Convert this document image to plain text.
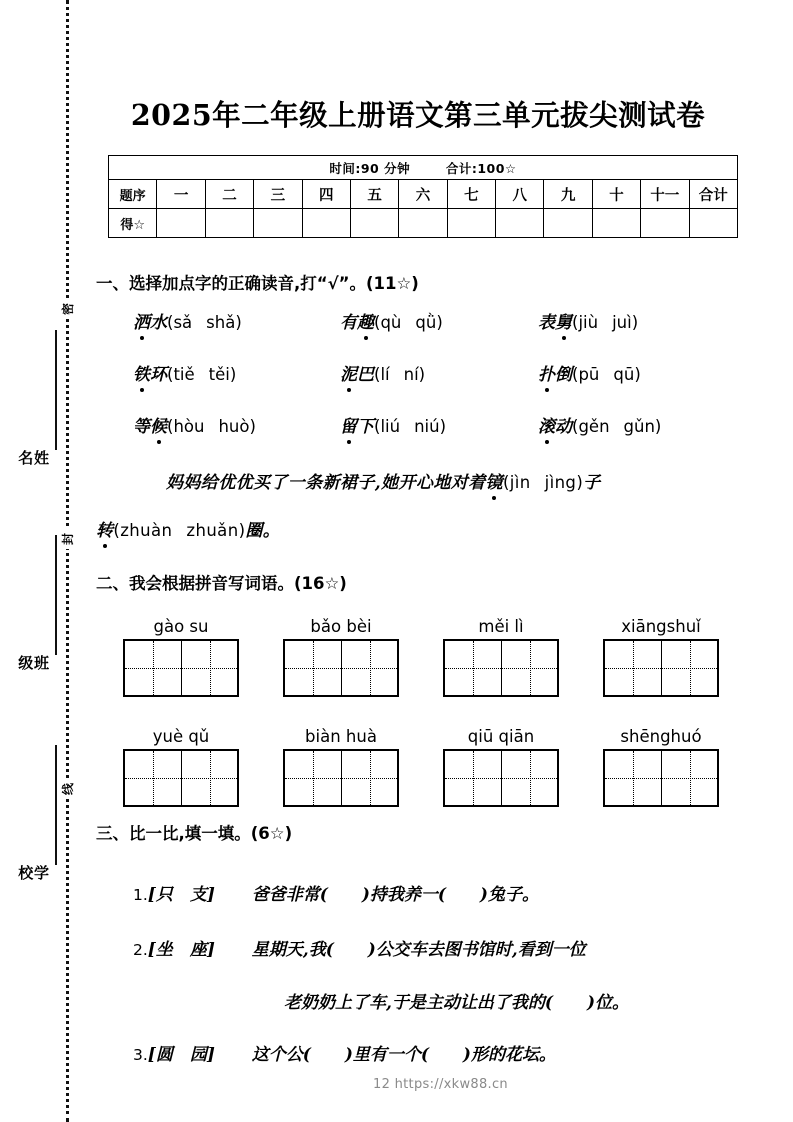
密
封
线
姓名
班级
学校
2025年二年级上册语文第三单元拔尖测试卷
时间:90 分钟 合计:100☆												
题序	一	二	三	四	五	六	七	八	九	十	十一	合计
得☆												
一、选择加点字的正确读音,打“√”。(11☆)
洒水(sǎ shǎ)	有趣(qù qǜ)	表舅(jiù juì)
铁环(tiě těi)	泥巴(lí ní)	扑倒(pū qū)
等候(hòu huò)	留下(liú niú)	滚动(gěn gǔn)
妈妈给优优买了一条新裙子,她开心地对着镜(jìn jìng)子
转(zhuàn zhuǎn)圈。
二、我会根据拼音写词语。(16☆)
gào su	bǎo bèi	měi lì	xiāngshuǐ
yuè qǔ	biàn huà	qiū qiān	shēnghuó
三、比一比,填一填。(6☆)
1.[只　支] 爸爸非常(　　)持我养一(　　)兔子。
2.[坐　座] 星期天,我(　　)公交车去图书馆时,看到一位
老奶奶上了车,于是主动让出了我的(　　)位。
3.[圆　园] 这个公(　　)里有一个(　　)形的花坛。
12 https://xkw88.cn
